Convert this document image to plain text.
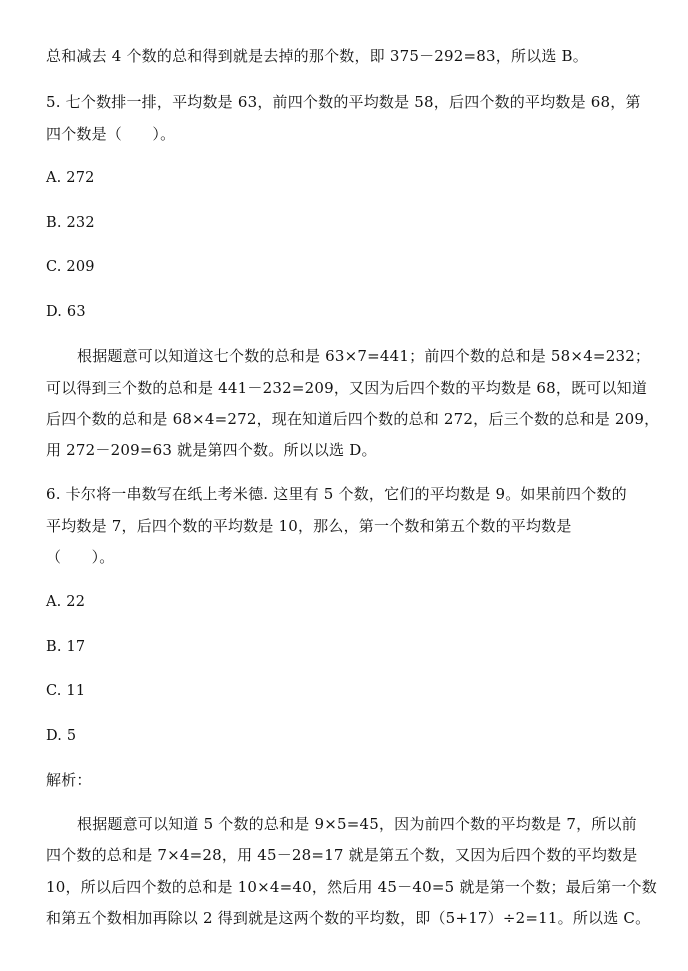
总和减去 4 个数的总和得到就是去掉的那个数，即 375－292=83，所以选 B。
5. 七个数排一排，平均数是 63，前四个数的平均数是 58，后四个数的平均数是 68，第
四个数是（　　）。
A. 272
B. 232
C. 209
D. 63
根据题意可以知道这七个数的总和是 63×7=441；前四个数的总和是 58×4=232；
可以得到三个数的总和是 441－232=209，又因为后四个数的平均数是 68，既可以知道
后四个数的总和是 68×4=272，现在知道后四个数的总和 272，后三个数的总和是 209，
用 272－209=63 就是第四个数。所以以选 D。
6. 卡尔将一串数写在纸上考米德. 这里有 5 个数，它们的平均数是 9。如果前四个数的
平均数是 7，后四个数的平均数是 10，那么，第一个数和第五个数的平均数是
（　　）。
A. 22
B. 17
C. 11
D. 5
解析：
根据题意可以知道 5 个数的总和是 9×5=45，因为前四个数的平均数是 7，所以前
四个数的总和是 7×4=28，用 45－28=17 就是第五个数，又因为后四个数的平均数是
10，所以后四个数的总和是 10×4=40，然后用 45－40=5 就是第一个数；最后第一个数
和第五个数相加再除以 2 得到就是这两个数的平均数，即（5+17）÷2=11。所以选 C。
